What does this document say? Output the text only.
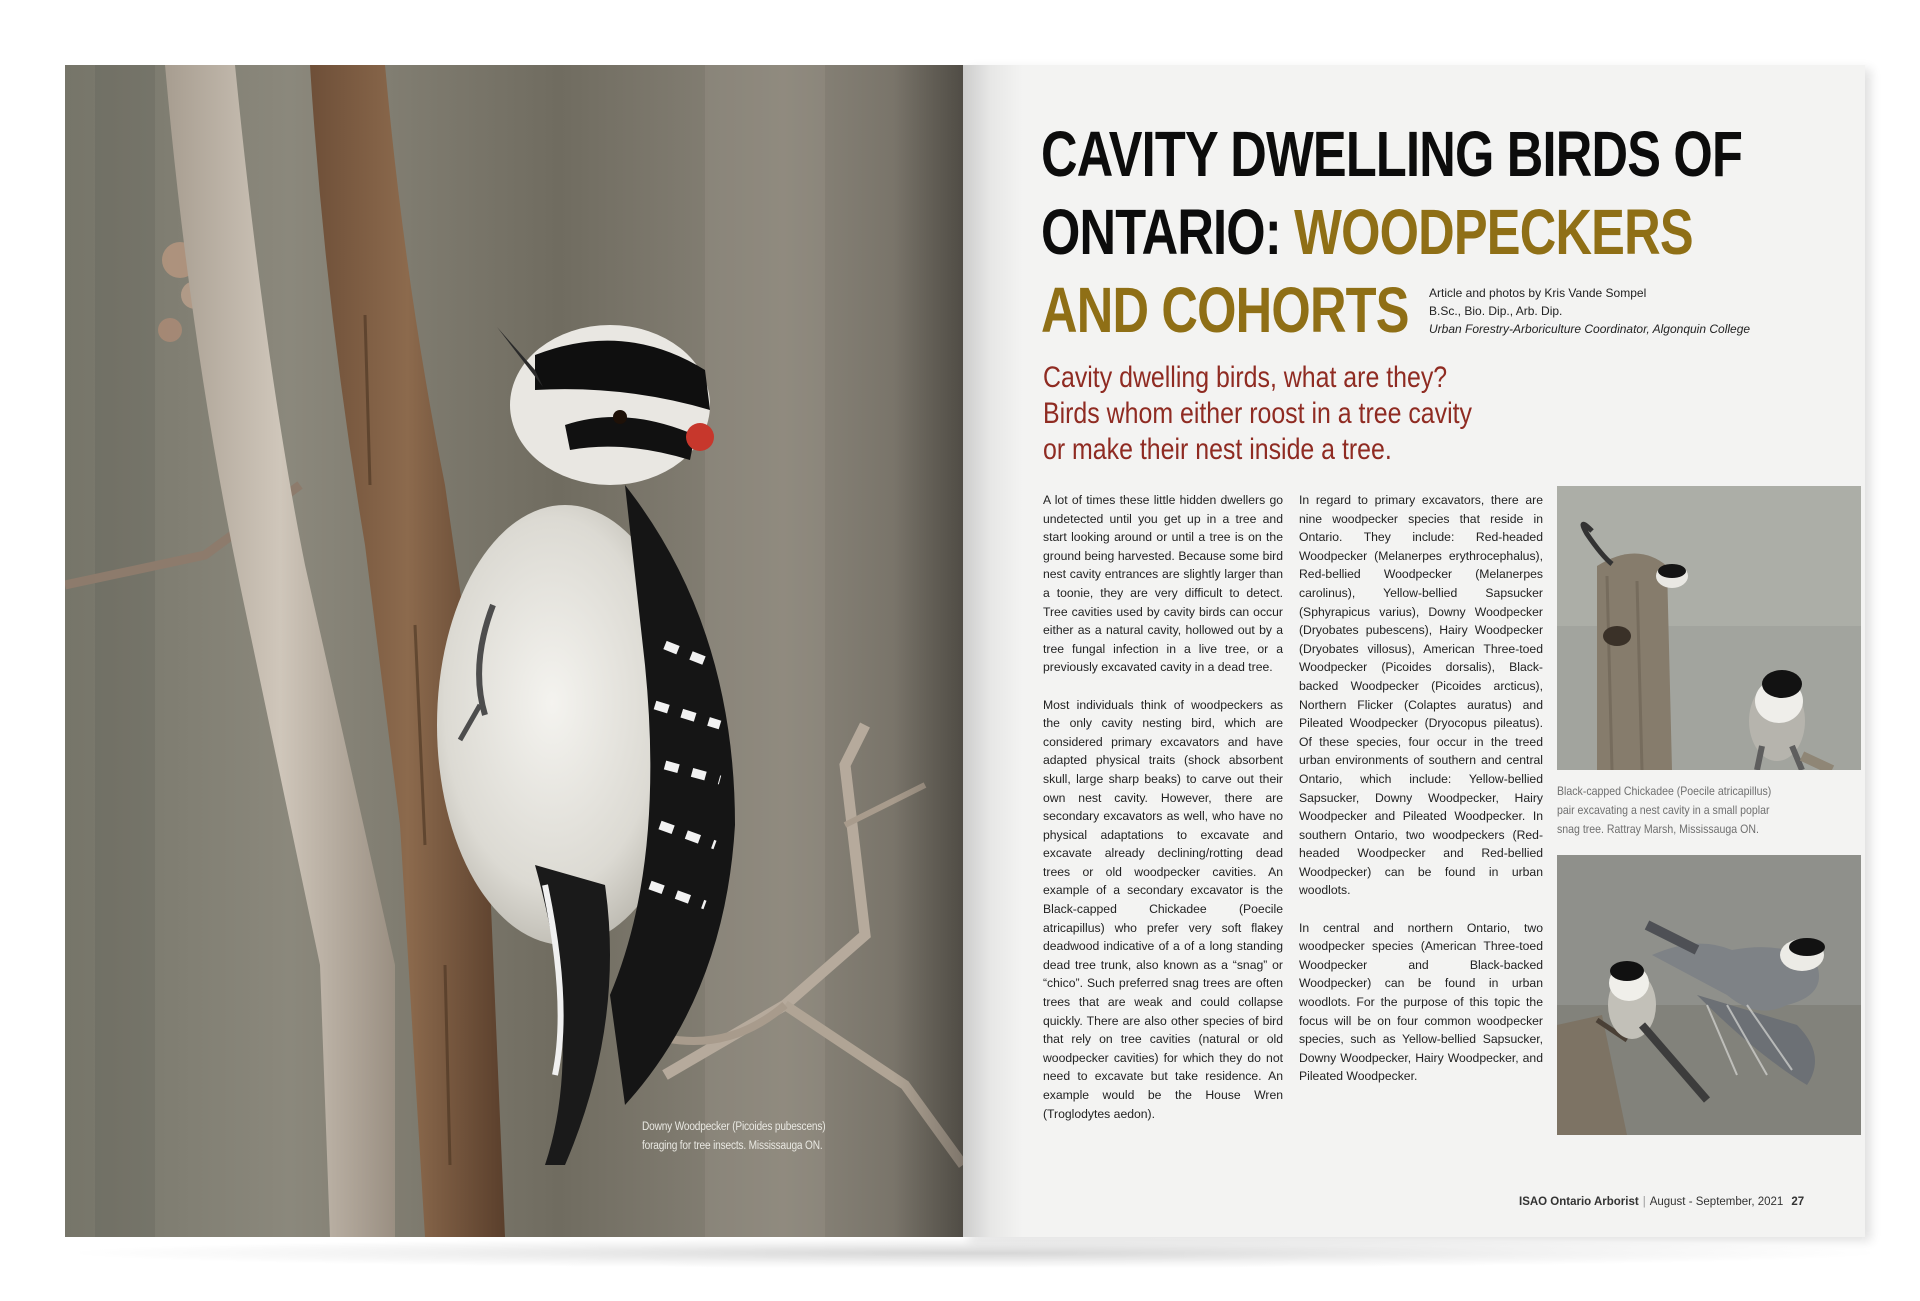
Downy Woodpecker (Picoides pubescens)
foraging for tree insects. Mississauga ON.
CAVITY DWELLING BIRDS OF
ONTARIO: WOODPECKERS
AND COHORTS	Article and photos by Kris Vande Sompel
B.Sc., Bio. Dip., Arb. Dip.
Urban Forestry-Arboriculture Coordinator, Algonquin College
Cavity dwelling birds, what are they?
Birds whom either roost in a tree cavity
or make their nest inside a tree.

A lot of times these little hidden dwellers go undetected until you get up in a tree and start looking around or until a tree is on the ground being harvested. Because some bird nest cavity entrances are slightly larger than a toonie, they are very difficult to detect. Tree cavities used by cavity birds can occur either as a natural cavity, hollowed out by a tree fungal infection in a live tree, or a previously excavated cavity in a dead tree.

Most individuals think of woodpeckers as the only cavity nesting bird, which are considered primary excavators and have adapted physical traits (shock absorbent skull, large sharp beaks) to carve out their own nest cavity. However, there are secondary excavators as well, who have no physical adaptations to excavate and excavate already declining/rotting dead trees or old woodpecker cavities. An example of a secondary excavator is the Black-capped Chickadee (Poecile atricapillus) who prefer very soft flakey deadwood indicative of a of a long standing dead tree trunk, also known as a “snag” or “chico”. Such preferred snag trees are often trees that are weak and could collapse quickly. There are also other species of bird that rely on tree cavities (natural or old woodpecker cavities) for which they do not need to excavate but take residence. An example would be the House Wren (Troglodytes aedon).

In regard to primary excavators, there are nine woodpecker species that reside in Ontario. They include: Red-headed Woodpecker (Melanerpes erythrocephalus), Red-bellied Woodpecker (Melanerpes carolinus), Yellow-bellied Sapsucker (Sphyrapicus varius), Downy Woodpecker (Dryobates pubescens), Hairy Woodpecker (Dryobates villosus), American Three-toed Woodpecker (Picoides dorsalis), Black-backed Woodpecker (Picoides arcticus), Northern Flicker (Colaptes auratus) and Pileated Woodpecker (Dryocopus pileatus). Of these species, four occur in the treed urban environments of southern and central Ontario, which include: Yellow-bellied Sapsucker, Downy Woodpecker, Hairy Woodpecker and Pileated Woodpecker. In southern Ontario, two woodpeckers (Red-headed Woodpecker and Red-bellied Woodpecker) can be found in urban woodlots.

In central and northern Ontario, two woodpecker species (American Three-toed Woodpecker and Black-backed Woodpecker) can be found in urban woodlots. For the purpose of this topic the focus will be on four common woodpecker species, such as Yellow-bellied Sapsucker, Downy Woodpecker, Hairy Woodpecker, and Pileated Woodpecker.

Black-capped Chickadee (Poecile atricapillus)
pair excavating a nest cavity in a small poplar
snag tree. Rattray Marsh, Mississauga ON.
ISAO Ontario Arborist | August - September, 2021 27
